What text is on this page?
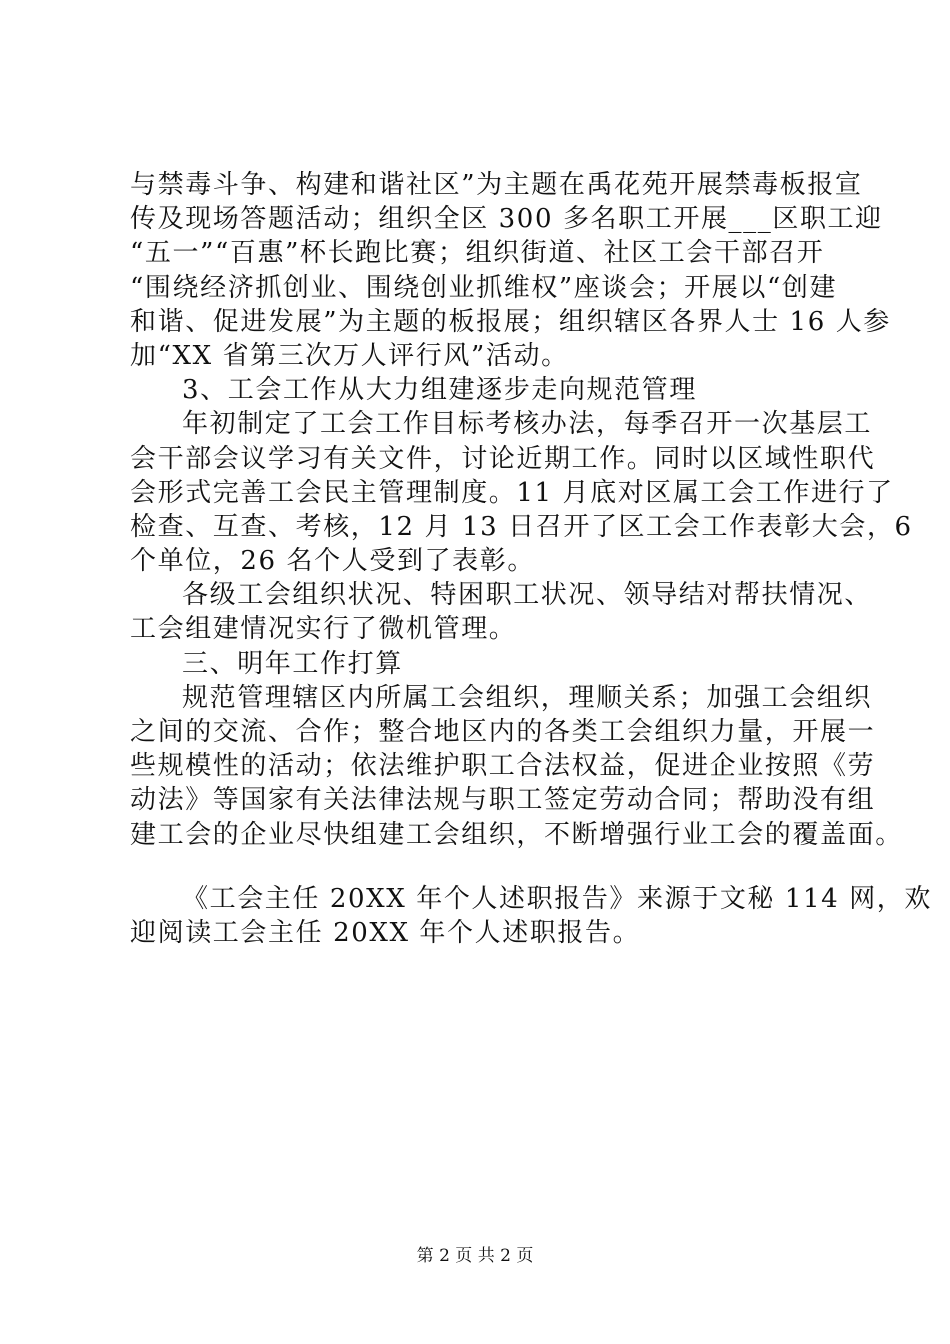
与禁毒斗争、构建和谐社区”为主题在禹花苑开展禁毒板报宣
传及现场答题活动；组织全区 300 多名职工开展___区职工迎
“五一”“百惠”杯长跑比赛；组织街道、社区工会干部召开
“围绕经济抓创业、围绕创业抓维权”座谈会；开展以“创建
和谐、促进发展”为主题的板报展；组织辖区各界人士 16 人参
加“XX 省第三次万人评行风”活动。
3、工会工作从大力组建逐步走向规范管理
年初制定了工会工作目标考核办法，每季召开一次基层工
会干部会议学习有关文件，讨论近期工作。同时以区域性职代
会形式完善工会民主管理制度。11 月底对区属工会工作进行了
检查、互查、考核，12 月 13 日召开了区工会工作表彰大会，6
个单位，26 名个人受到了表彰。
各级工会组织状况、特困职工状况、领导结对帮扶情况、
工会组建情况实行了微机管理。
三、明年工作打算
规范管理辖区内所属工会组织，理顺关系；加强工会组织
之间的交流、合作；整合地区内的各类工会组织力量，开展一
些规模性的活动；依法维护职工合法权益，促进企业按照《劳
动法》等国家有关法律法规与职工签定劳动合同；帮助没有组
建工会的企业尽快组建工会组织，不断增强行业工会的覆盖面。
《工会主任 20XX 年个人述职报告》来源于文秘 114 网，欢
迎阅读工会主任 20XX 年个人述职报告。
第 2 页 共 2 页
